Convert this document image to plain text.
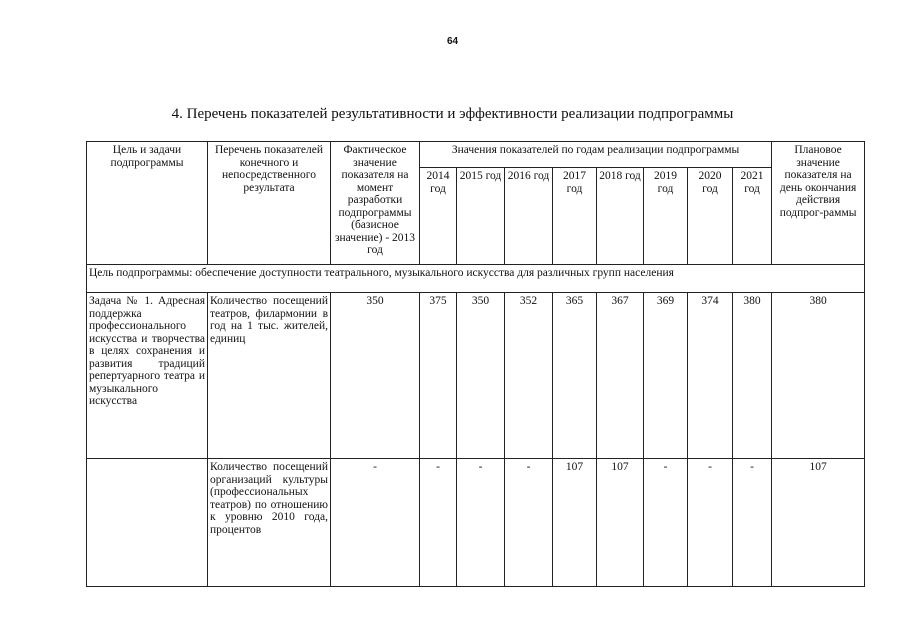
64
4. Перечень показателей результативности и эффективности реализации подпрограммы
Цель и задачи подпрограммы	Перечень показателей конечного и непосредственного результата	Фактическое значение показателя на момент разработки подпрограммы (базисное значение) - 2013 год	Значения показателей по годам реализации подпрограммы								Плановое значение показателя на день окончания действия подпрог-раммы
			2014 год	2015 год	2016 год	2017 год	2018 год	2019 год	2020 год	2021 год	
Цель подпрограммы: обеспечение доступности театрального, музыкального искусства для различных групп населения											
Задача № 1. Адресная поддержка профессионального искусства и творчества в целях сохранения и развития традиций репертуарного театра и музыкального искусства	Количество посещений театров, филармонии в год на 1 тыс. жителей, единиц	350	375	350	352	365	367	369	374	380	380
	Количество посещений организаций культуры (профессиональных театров) по отношению к уровню 2010 года, процентов	-	-	-	-	107	107	-	-	-	107
